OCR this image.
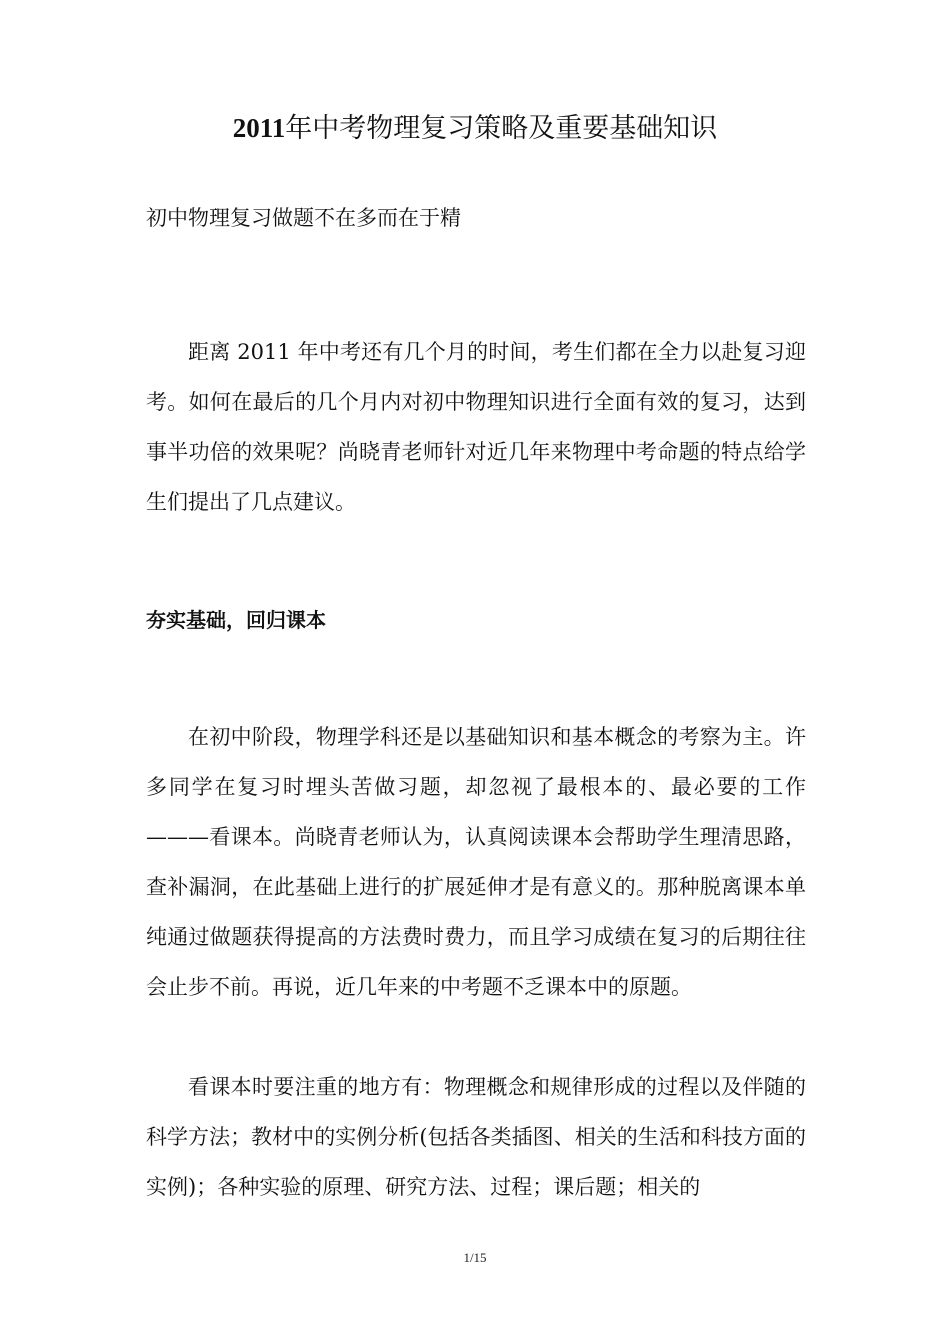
2011年中考物理复习策略及重要基础知识
初中物理复习做题不在多而在于精

距离 2011 年中考还有几个月的时间，考生们都在全力以赴复习迎考。如何在最后的几个月内对初中物理知识进行全面有效的复习，达到事半功倍的效果呢？尚晓青老师针对近几年来物理中考命题的特点给学生们提出了几点建议。

夯实基础，回归课本

在初中阶段，物理学科还是以基础知识和基本概念的考察为主。许多同学在复习时埋头苦做习题，却忽视了最根本的、最必要的工作———看课本。尚晓青老师认为，认真阅读课本会帮助学生理清思路，查补漏洞，在此基础上进行的扩展延伸才是有意义的。那种脱离课本单纯通过做题获得提高的方法费时费力，而且学习成绩在复习的后期往往会止步不前。再说，近几年来的中考题不乏课本中的原题。

看课本时要注重的地方有：物理概念和规律形成的过程以及伴随的科学方法；教材中的实例分析(包括各类插图、相关的生活和科技方面的实例)；各种实验的原理、研究方法、过程；课后题；相关的

1/15
